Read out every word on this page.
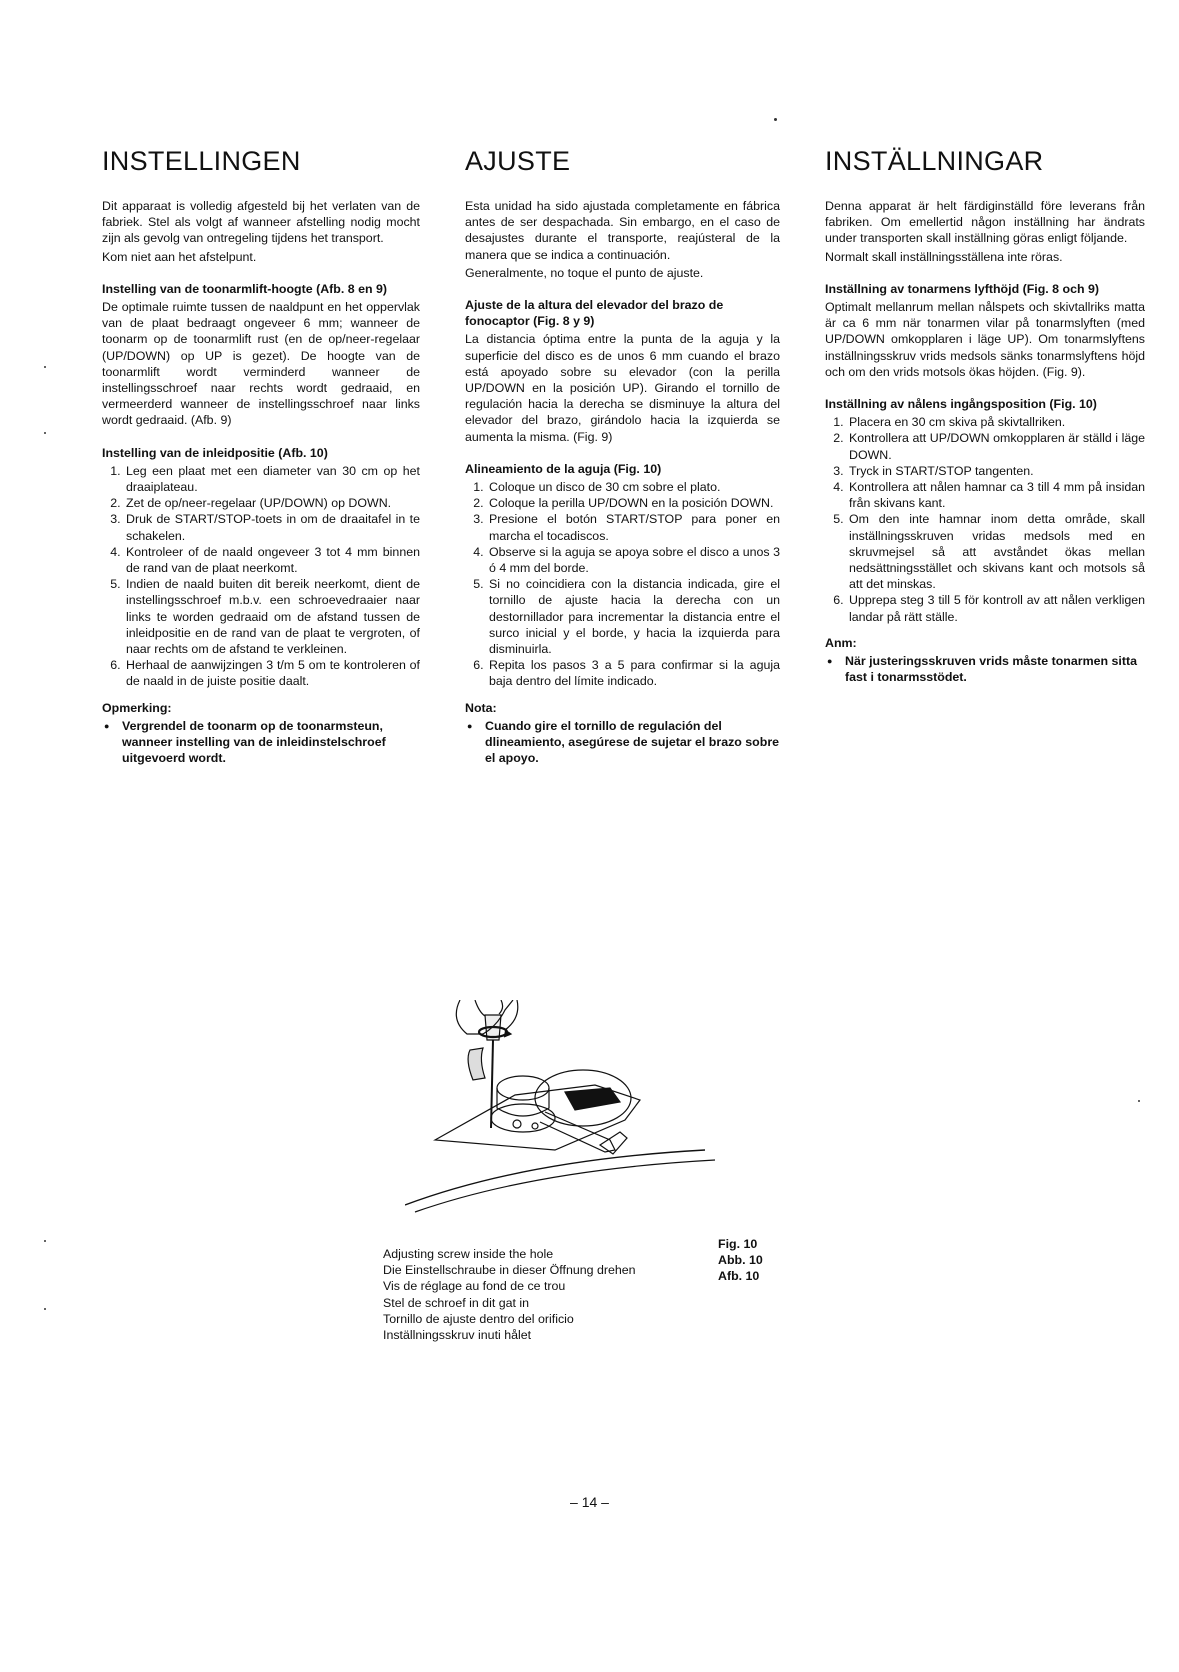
INSTELLINGEN

Dit apparaat is volledig afgesteld bij het verlaten van de fabriek. Stel als volgt af wanneer afstelling nodig mocht zijn als gevolg van ontregeling tijdens het transport.

Kom niet aan het afstelpunt.
Instelling van de toonarmlift-hoogte (Afb. 8 en 9)

De optimale ruimte tussen de naaldpunt en het oppervlak van de plaat bedraagt ongeveer 6 mm; wanneer de toonarm op de toonarmlift rust (en de op/neer-regelaar (UP/DOWN) op UP is gezet). De hoogte van de toonarmlift wordt verminderd wanneer de instellingsschroef naar rechts wordt gedraaid, en vermeerderd wanneer de instellingsschroef naar links wordt gedraaid. (Afb. 9)

Instelling van de inleidpositie (Afb. 10)
1. Leg een plaat met een diameter van 30 cm op het draaiplateau.
2. Zet de op/neer-regelaar (UP/DOWN) op DOWN.
3. Druk de START/STOP-toets in om de draaitafel in te schakelen.
4. Kontroleer of de naald ongeveer 3 tot 4 mm binnen de rand van de plaat neerkomt.
5. Indien de naald buiten dit bereik neerkomt, dient de instellingsschroef m.b.v. een schroevedraaier naar links te worden gedraaid om de afstand tussen de inleidpositie en de rand van de plaat te vergroten, of naar rechts om de afstand te verkleinen.
6. Herhaal de aanwijzingen 3 t/m 5 om te kontroleren of de naald in de juiste positie daalt.
Opmerking:
● Vergrendel de toonarm op de toonarmsteun, wanneer instelling van de inleidinstelschroef uitgevoerd wordt.
AJUSTE

Esta unidad ha sido ajustada completamente en fábrica antes de ser despachada. Sin embargo, en el caso de desajustes durante el transporte, reajústeral de la manera que se indica a continuación.

Generalmente, no toque el punto de ajuste.
Ajuste de la altura del elevador del brazo de fonocaptor (Fig. 8 y 9)

La distancia óptima entre la punta de la aguja y la superficie del disco es de unos 6 mm cuando el brazo está apoyado sobre su elevador (con la perilla UP/DOWN en la posición UP). Girando el tornillo de regulación hacia la derecha se disminuye la altura del elevador del brazo, girándolo hacia la izquierda se aumenta la misma. (Fig. 9)

Alineamiento de la aguja (Fig. 10)
1. Coloque un disco de 30 cm sobre el plato.
2. Coloque la perilla UP/DOWN en la posición DOWN.
3. Presione el botón START/STOP para poner en marcha el tocadiscos.
4. Observe si la aguja se apoya sobre el disco a unos 3 ó 4 mm del borde.
5. Si no coincidiera con la distancia indicada, gire el tornillo de ajuste hacia la derecha con un destornillador para incrementar la distancia entre el surco inicial y el borde, y hacia la izquierda para disminuirla.
6. Repita los pasos 3 a 5 para confirmar si la aguja baja dentro del límite indicado.
Nota:
● Cuando gire el tornillo de regulación del dlineamiento, asegúrese de sujetar el brazo sobre el apoyo.
INSTÄLLNINGAR

Denna apparat är helt färdiginställd före leverans från fabriken. Om emellertid någon inställning har ändrats under transporten skall inställning göras enligt följande.

Normalt skall inställningsställena inte röras.
Inställning av tonarmens lyfthöjd (Fig. 8 och 9)

Optimalt mellanrum mellan nålspets och skivtallriks matta är ca 6 mm när tonarmen vilar på tonarmslyften (med UP/DOWN omkopplaren i läge UP). Om tonarmslyftens inställningsskruv vrids medsols sänks tonarmslyftens höjd och om den vrids motsols ökas höjden. (Fig. 9).

Inställning av nålens ingångsposition (Fig. 10)
1. Placera en 30 cm skiva på skivtallriken.
2. Kontrollera att UP/DOWN omkopplaren är ställd i läge DOWN.
3. Tryck in START/STOP tangenten.
4. Kontrollera att nålen hamnar ca 3 till 4 mm på insidan från skivans kant.
5. Om den inte hamnar inom detta område, skall inställningsskruven vridas medsols med en skruvmejsel så att avståndet ökas mellan nedsättningsstället och skivans kant och motsols så att det minskas.
6. Upprepa steg 3 till 5 för kontroll av att nålen verkligen landar på rätt ställe.
Anm:
● När justeringsskruven vrids måste tonarmen sitta fast i tonarmsstödet.
Adjusting screw inside the hole
Die Einstellschraube in dieser Öffnung drehen
Vis de réglage au fond de ce trou
Stel de schroef in dit gat in
Tornillo de ajuste dentro del orificio
Inställningsskruv inuti hålet
Fig. 10
Abb. 10
Afb. 10
– 14 –
